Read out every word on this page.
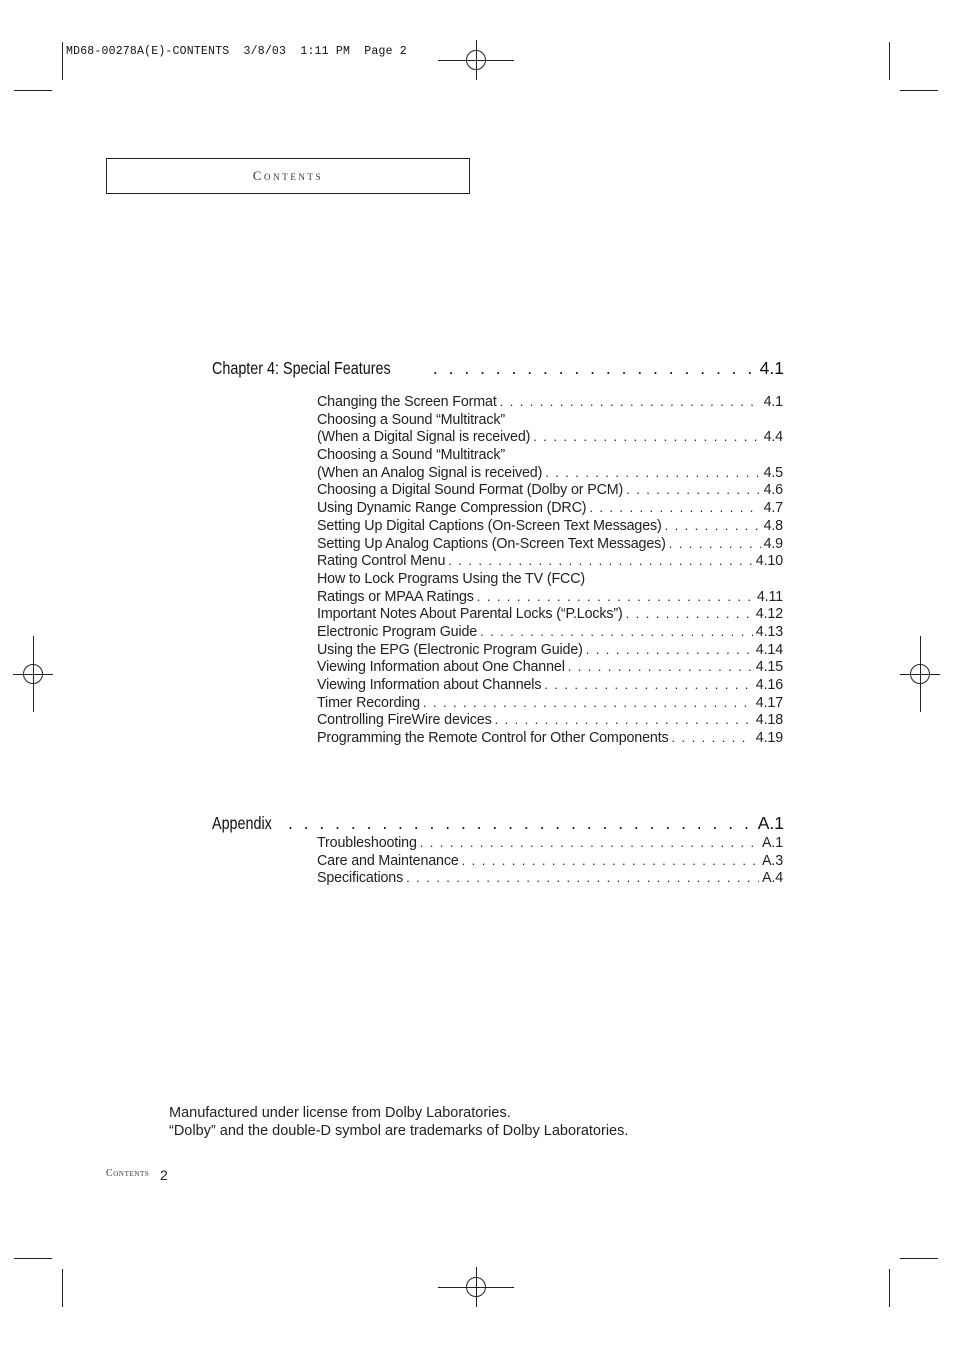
MD68-00278A(E)-CONTENTS 3/8/03 1:11 PM Page 2
Contents
Chapter 4: Special Features . . .	4.1
Changing the Screen Format . . .	4.1
Choosing a Sound “Multitrack”
(When a Digital Signal is received) . . .	4.4
Choosing a Sound “Multitrack”
(When an Analog Signal is received) . . .	4.5
Choosing a Digital Sound Format (Dolby or PCM) . . .	4.6
Using Dynamic Range Compression (DRC) . . .	4.7
Setting Up Digital Captions (On-Screen Text Messages) . . .	4.8
Setting Up Analog Captions (On-Screen Text Messages) . . .	4.9
Rating Control Menu . . .	4.10
How to Lock Programs Using the TV (FCC)
Ratings or MPAA Ratings . . .	4.11
Important Notes About Parental Locks (“P.Locks”) . . .	4.12
Electronic Program Guide . . .	4.13
Using the EPG (Electronic Program Guide) . . .	4.14
Viewing Information about One Channel . . .	4.15
Viewing Information about Channels . . .	4.16
Timer Recording . . .	4.17
Controlling FireWire devices . . .	4.18
Programming the Remote Control for Other Components . . .	4.19
Appendix . . .	A.1
Troubleshooting . . .	A.1
Care and Maintenance . . .	A.3
Specifications . . .	A.4
Manufactured under license from Dolby Laboratories.
“Dolby” and the double-D symbol are trademarks of Dolby Laboratories.
Contents 2
